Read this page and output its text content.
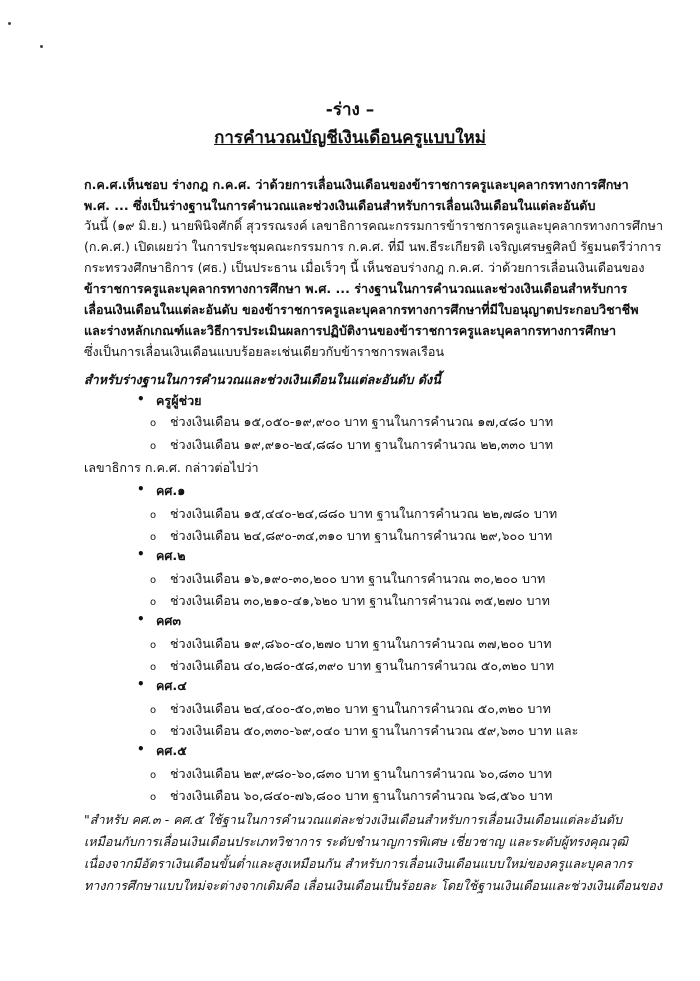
-ร่าง –
การคำนวณบัญชีเงินเดือนครูแบบใหม่
ก.ค.ศ.เห็นชอบ ร่างกฎ ก.ค.ศ. ว่าด้วยการเลื่อนเงินเดือนของข้าราชการครูและบุคลากรทางการศึกษา
พ.ศ. ... ซึ่งเป็นร่างฐานในการคำนวณและช่วงเงินเดือนสำหรับการเลื่อนเงินเดือนในแต่ละอันดับ
วันนี้ (๑๙ มิ.ย.) นายพินิจศักดิ์ สุวรรณรงค์ เลขาธิการคณะกรรมการข้าราชการครูและบุคลากรทางการศึกษา
(ก.ค.ศ.) เปิดเผยว่า ในการประชุมคณะกรรมการ ก.ค.ศ. ที่มี นพ.ธีระเกียรติ เจริญเศรษฐศิลป์ รัฐมนตรีว่าการ
กระทรวงศึกษาธิการ (ศธ.) เป็นประธาน เมื่อเร็วๆ นี้ เห็นชอบร่างกฎ ก.ค.ศ. ว่าด้วยการเลื่อนเงินเดือนของ
ข้าราชการครูและบุคลากรทางการศึกษา พ.ศ. ... ร่างฐานในการคำนวณและช่วงเงินเดือนสำหรับการ
เลื่อนเงินเดือนในแต่ละอันดับ ของข้าราชการครูและบุคลากรทางการศึกษาที่มีใบอนุญาตประกอบวิชาชีพ
และร่างหลักเกณฑ์และวิธีการประเมินผลการปฏิบัติงานของข้าราชการครูและบุคลากรทางการศึกษา
ซึ่งเป็นการเลื่อนเงินเดือนแบบร้อยละเช่นเดียวกับข้าราชการพลเรือน
สำหรับร่างฐานในการคำนวณและช่วงเงินเดือนในแต่ละอันดับ ดังนี้
• ครูผู้ช่วย
o ช่วงเงินเดือน ๑๕,๐๕๐-๑๙,๙๐๐ บาท ฐานในการคำนวณ ๑๗,๔๘๐ บาท
o ช่วงเงินเดือน ๑๙,๙๑๐-๒๔,๘๘๐ บาท ฐานในการคำนวณ ๒๒,๓๓๐ บาท
เลขาธิการ ก.ค.ศ. กล่าวต่อไปว่า
• คศ.๑
o ช่วงเงินเดือน ๑๕,๔๔๐-๒๔,๘๘๐ บาท ฐานในการคำนวณ ๒๒,๗๘๐ บาท
o ช่วงเงินเดือน ๒๔,๘๙๐-๓๔,๓๑๐ บาท ฐานในการคำนวณ ๒๙,๖๐๐ บาท
• คศ.๒
o ช่วงเงินเดือน ๑๖,๑๙๐-๓๐,๒๐๐ บาท ฐานในการคำนวณ ๓๐,๒๐๐ บาท
o ช่วงเงินเดือน ๓๐,๒๑๐-๔๑,๖๒๐ บาท ฐานในการคำนวณ ๓๕,๒๗๐ บาท
• คศ๓
o ช่วงเงินเดือน ๑๙,๘๖๐-๔๐,๒๗๐ บาท ฐานในการคำนวณ ๓๗,๒๐๐ บาท
o ช่วงเงินเดือน ๔๐,๒๘๐-๕๘,๓๙๐ บาท ฐานในการคำนวณ ๕๐,๓๒๐ บาท
• คศ.๔
o ช่วงเงินเดือน ๒๔,๔๐๐-๕๐,๓๒๐ บาท ฐานในการคำนวณ ๕๐,๓๒๐ บาท
o ช่วงเงินเดือน ๕๐,๓๓๐-๖๙,๐๔๐ บาท ฐานในการคำนวณ ๕๙,๖๓๐ บาท และ
• คศ.๕
o ช่วงเงินเดือน ๒๙,๙๘๐-๖๐,๘๓๐ บาท ฐานในการคำนวณ ๖๐,๘๓๐ บาท
o ช่วงเงินเดือน ๖๐,๘๔๐-๗๖,๘๐๐ บาท ฐานในการคำนวณ ๖๘,๕๖๐ บาท
"สำหรับ คศ.๓ - คศ.๕ ใช้ฐานในการคำนวณแต่ละช่วงเงินเดือนสำหรับการเลื่อนเงินเดือนแต่ละอันดับ
เหมือนกับการเลื่อนเงินเดือนประเภทวิชาการ ระดับชำนาญการพิเศษ เชี่ยวชาญ และระดับผู้ทรงคุณวุฒิ
เนื่องจากมีอัตราเงินเดือนขั้นต่ำและสูงเหมือนกัน สำหรับการเลื่อนเงินเดือนแบบใหม่ของครูและบุคลากร
ทางการศึกษาแบบใหม่จะต่างจากเดิมคือ เลื่อนเงินเดือนเป็นร้อยละ โดยใช้ฐานเงินเดือนและช่วงเงินเดือนของ
